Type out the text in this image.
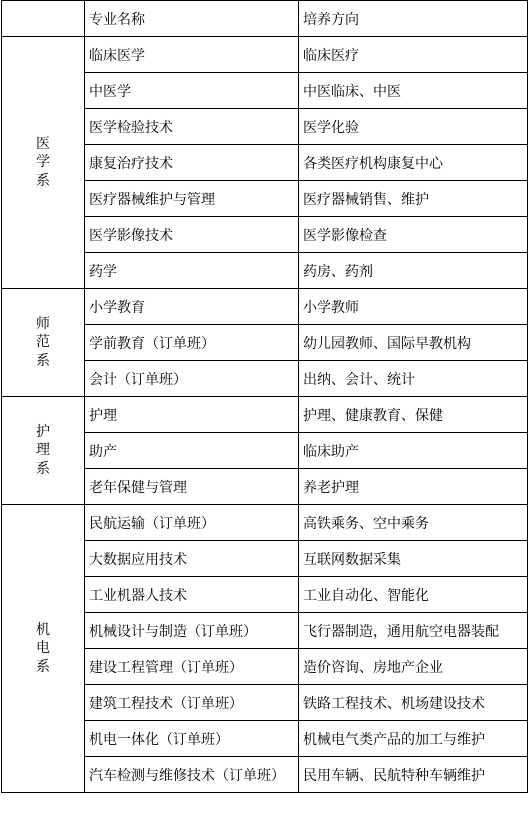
	专业名称	培养方向
医学系	临床医学	临床医疗
	中医学	中医临床、中医
	医学检验技术	医学化验
	康复治疗技术	各类医疗机构康复中心
	医疗器械维护与管理	医疗器械销售、维护
	医学影像技术	医学影像检查
	药学	药房、药剂
师范系	小学教育	小学教师
	学前教育（订单班）	幼儿园教师、国际早教机构
	会计（订单班）	出纳、会计、统计
护理系	护理	护理、健康教育、保健
	助产	临床助产
	老年保健与管理	养老护理
机电系	民航运输（订单班）	高铁乘务、空中乘务
	大数据应用技术	互联网数据采集
	工业机器人技术	工业自动化、智能化
	机械设计与制造（订单班）	飞行器制造，通用航空电器装配
	建设工程管理（订单班）	造价咨询、房地产企业
	建筑工程技术（订单班）	铁路工程技术、机场建设技术
	机电一体化（订单班）	机械电气类产品的加工与维护
	汽车检测与维修技术（订单班）	民用车辆、民航特种车辆维护
